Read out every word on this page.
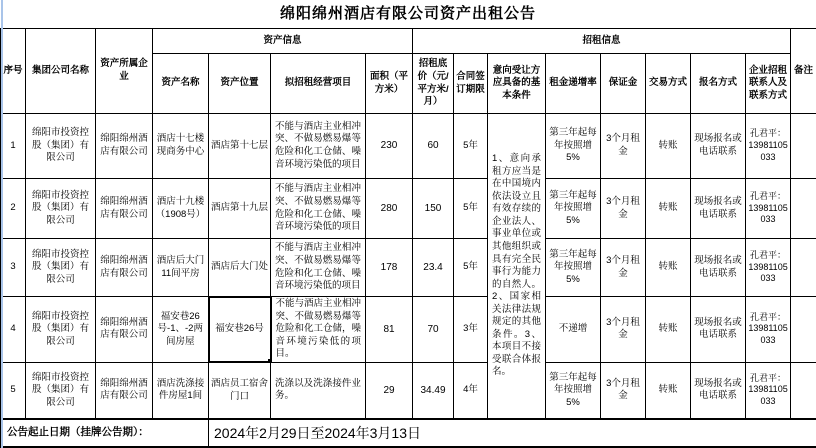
绵阳绵州酒店有限公司资产出租公告
序号	集团公司名称	资产所属企业	资产信息				招租信息								备注
			资产名称	资产位置	拟招租经营项目	面积（平方米）	招租底价（元/平方米/月）	合同签订期限	意向受让方应具备的基本条件	租金递增率	保证金	交易方式	报名方式	企业招租联系人及联系方式	
1	绵阳市投资控股（集团）有限公司	绵阳绵州酒店有限公司	酒店十七楼现商务中心	酒店第十七层	不能与酒店主业相冲突、不做易燃易爆等危险和化工仓储、噪音环境污染低的项目	230	60	5年	1、意向承租方应当是在中国境内依法设立且有效存续的企业法人、事业单位或其他组织或具有完全民事行为能力的自然人。2、国家相关法律法规规定的其他条件。3、本项目不接受联合体报名。	第三年起每年按照增5%	3个月租金	转账	现场报名或电话联系	孔君平：13981105033	
2	绵阳市投资控股（集团）有限公司	绵阳绵州酒店有限公司	酒店十九楼（1908号）	酒店第十九层	不能与酒店主业相冲突、不做易燃易爆等危险和化工仓储、噪音环境污染低的项目	280	150	5年		第三年起每年按照增5%	3个月租金	转账	现场报名或电话联系	孔君平：13981105033	
3	绵阳市投资控股（集团）有限公司	绵阳绵州酒店有限公司	酒店后大门11间平房	酒店后大门处	不能与酒店主业相冲突、不做易燃易爆等危险和化工仓储、噪音环境污染低的项目	178	23.4	5年		第三年起每年按照增5%	3个月租金	转账	现场报名或电话联系	孔君平：13981105033	
4	绵阳市投资控股（集团）有限公司	绵阳绵州酒店有限公司	福安巷26号-1、-2两间房屋	福安巷26号	不能与酒店主业相冲突、不做易燃易爆等危险和化工仓储，噪音环境污染低的项目。	81	70	3年		不递增	3个月租金	转账	现场报名或电话联系	孔君平：13981105033	
5	绵阳市投资控股（集团）有限公司	绵阳绵州酒店有限公司	酒店洗涤接件房屋1间	酒店员工宿舍门口	洗涤以及洗涤接件业务。	29	34.49	4年		第三年起每年按照增5%	3个月租金	转账	现场报名或电话联系	孔君平：13981105033	
公告起止日期（挂牌公告期）：				2024年2月29日至2024年3月13日											
